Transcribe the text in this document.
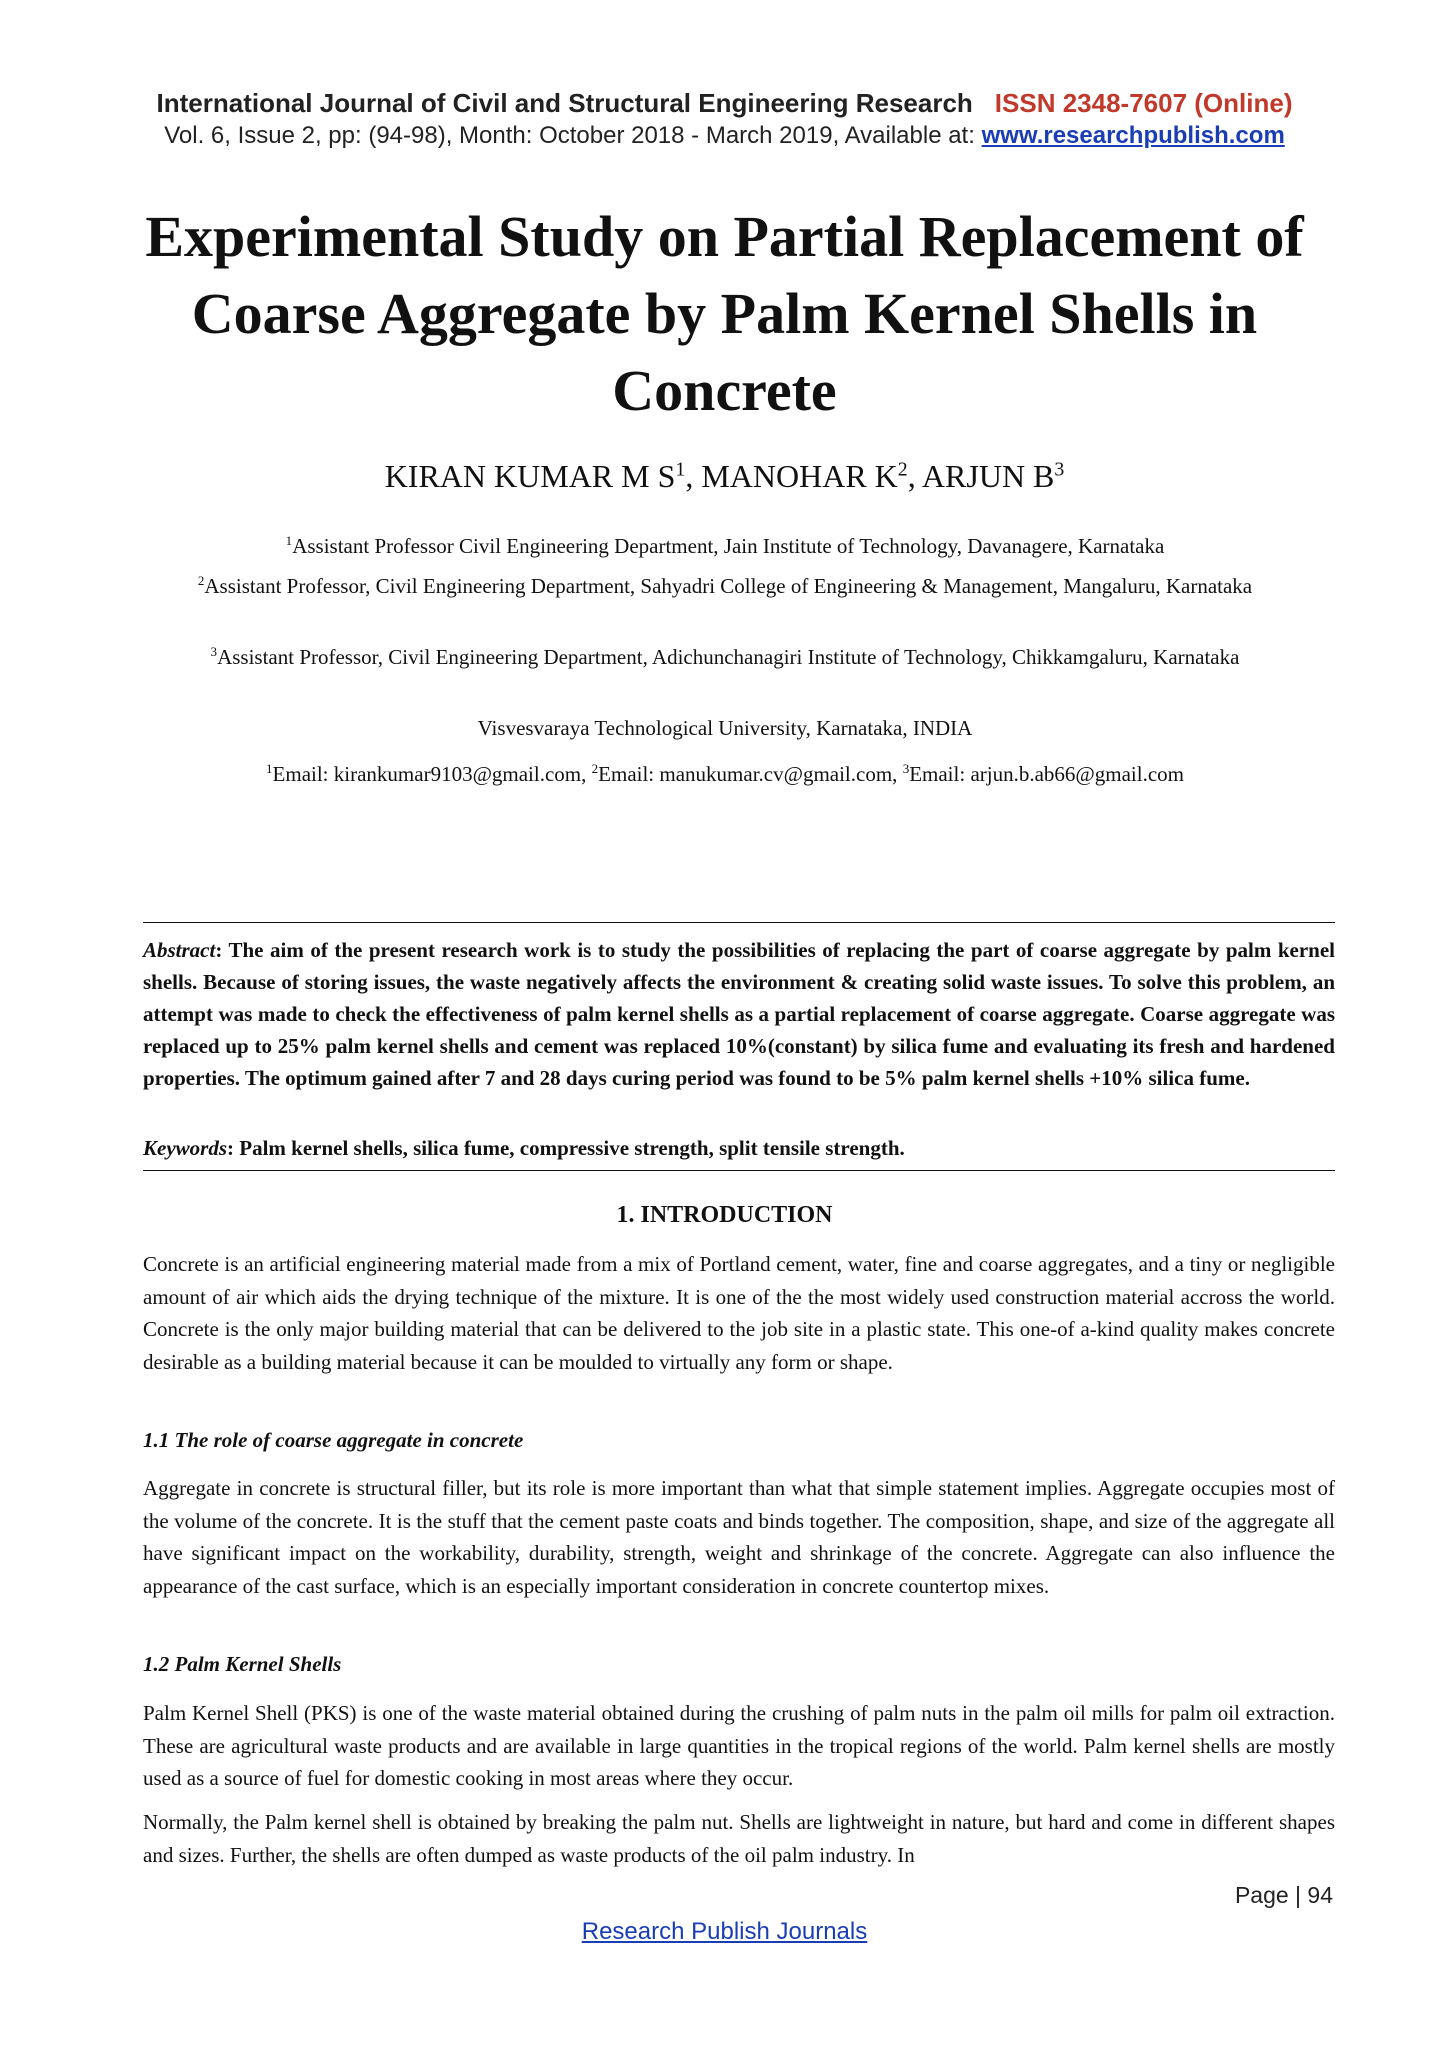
International Journal of Civil and Structural Engineering Research ISSN 2348-7607 (Online)
Vol. 6, Issue 2, pp: (94-98), Month: October 2018 - March 2019, Available at: www.researchpublish.com
Experimental Study on Partial Replacement of Coarse Aggregate by Palm Kernel Shells in Concrete
KIRAN KUMAR M $S^1$, MANOHAR $K^2$, ARJUN $B^3$
$^1$Assistant Professor Civil Engineering Department, Jain Institute of Technology, Davanagere, Karnataka
$^2$Assistant Professor, Civil Engineering Department, Sahyadri College of Engineering & Management, Mangaluru, Karnataka
$^3$Assistant Professor, Civil Engineering Department, Adichunchanagiri Institute of Technology, Chikkamgaluru, Karnataka
Visvesvaraya Technological University, Karnataka, INDIA
$^1$Email: kirankumar9103@gmail.com, $^2$Email: manukumar.cv@gmail.com, $^3$Email: arjun.b.ab66@gmail.com
Abstract: The aim of the present research work is to study the possibilities of replacing the part of coarse aggregate by palm kernel shells. Because of storing issues, the waste negatively affects the environment & creating solid waste issues. To solve this problem, an attempt was made to check the effectiveness of palm kernel shells as a partial replacement of coarse aggregate. Coarse aggregate was replaced up to 25% palm kernel shells and cement was replaced 10%(constant) by silica fume and evaluating its fresh and hardened properties. The optimum gained after 7 and 28 days curing period was found to be 5% palm kernel shells +10% silica fume.
Keywords: Palm kernel shells, silica fume, compressive strength, split tensile strength.
1. INTRODUCTION
Concrete is an artificial engineering material made from a mix of Portland cement, water, fine and coarse aggregates, and a tiny or negligible amount of air which aids the drying technique of the mixture. It is one of the the most widely used construction material accross the world. Concrete is the only major building material that can be delivered to the job site in a plastic state. This one-of a-kind quality makes concrete desirable as a building material because it can be moulded to virtually any form or shape.
1.1 The role of coarse aggregate in concrete
Aggregate in concrete is structural filler, but its role is more important than what that simple statement implies. Aggregate occupies most of the volume of the concrete. It is the stuff that the cement paste coats and binds together. The composition, shape, and size of the aggregate all have significant impact on the workability, durability, strength, weight and shrinkage of the concrete. Aggregate can also influence the appearance of the cast surface, which is an especially important consideration in concrete countertop mixes.
1.2 Palm Kernel Shells
Palm Kernel Shell (PKS) is one of the waste material obtained during the crushing of palm nuts in the palm oil mills for palm oil extraction. These are agricultural waste products and are available in large quantities in the tropical regions of the world. Palm kernel shells are mostly used as a source of fuel for domestic cooking in most areas where they occur.
Normally, the Palm kernel shell is obtained by breaking the palm nut. Shells are lightweight in nature, but hard and come in different shapes and sizes. Further, the shells are often dumped as waste products of the oil palm industry. In
Page | 94
Research Publish Journals
